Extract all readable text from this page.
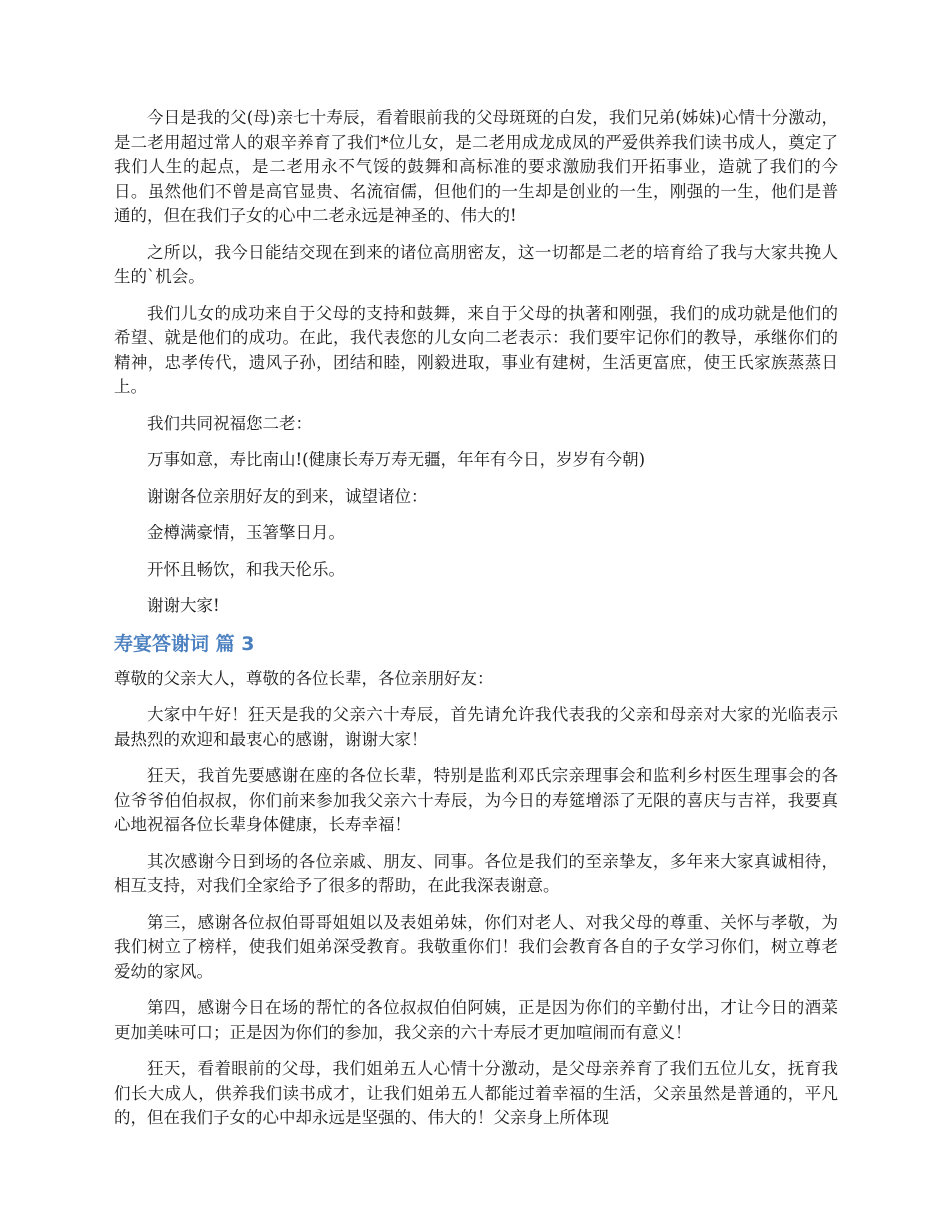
今日是我的父(母)亲七十寿辰，看着眼前我的父母斑斑的白发，我们兄弟(姊妹)心情十分激动，是二老用超过常人的艰辛养育了我们*位儿女，是二老用成龙成凤的严爱供养我们读书成人，奠定了我们人生的起点，是二老用永不气馁的鼓舞和高标准的要求激励我们开拓事业，造就了我们的今日。虽然他们不曾是高官显贵、名流宿儒，但他们的一生却是创业的一生，刚强的一生，他们是普通的，但在我们子女的心中二老永远是神圣的、伟大的!

之所以，我今日能结交现在到来的诸位高朋密友，这一切都是二老的培育给了我与大家共挽人生的`机会。

我们儿女的成功来自于父母的支持和鼓舞，来自于父母的执著和刚强，我们的成功就是他们的希望、就是他们的成功。在此，我代表您的儿女向二老表示：我们要牢记你们的教导，承继你们的精神，忠孝传代，遗风子孙，团结和睦，刚毅进取，事业有建树，生活更富庶，使王氏家族蒸蒸日上。

我们共同祝福您二老：

万事如意，寿比南山!(健康长寿万寿无疆，年年有今日，岁岁有今朝)

谢谢各位亲朋好友的到来，诚望诸位：

金樽满豪情，玉箸擎日月。

开怀且畅饮，和我天伦乐。

谢谢大家!

寿宴答谢词 篇 3

尊敬的父亲大人，尊敬的各位长辈，各位亲朋好友：

大家中午好！狂天是我的父亲六十寿辰，首先请允许我代表我的父亲和母亲对大家的光临表示最热烈的欢迎和最衷心的感谢，谢谢大家！

狂天，我首先要感谢在座的各位长辈，特别是监利邓氏宗亲理事会和监利乡村医生理事会的各位爷爷伯伯叔叔，你们前来参加我父亲六十寿辰，为今日的寿筵增添了无限的喜庆与吉祥，我要真心地祝福各位长辈身体健康，长寿幸福！

其次感谢今日到场的各位亲戚、朋友、同事。各位是我们的至亲挚友，多年来大家真诚相待，相互支持，对我们全家给予了很多的帮助，在此我深表谢意。

第三，感谢各位叔伯哥哥姐姐以及表姐弟妹，你们对老人、对我父母的尊重、关怀与孝敬，为我们树立了榜样，使我们姐弟深受教育。我敬重你们！我们会教育各自的子女学习你们，树立尊老爱幼的家风。

第四，感谢今日在场的帮忙的各位叔叔伯伯阿姨，正是因为你们的辛勤付出，才让今日的酒菜更加美味可口；正是因为你们的参加，我父亲的六十寿辰才更加喧闹而有意义！

狂天，看着眼前的父母，我们姐弟五人心情十分激动，是父母亲养育了我们五位儿女，抚育我们长大成人，供养我们读书成才，让我们姐弟五人都能过着幸福的生活，父亲虽然是普通的，平凡的，但在我们子女的心中却永远是坚强的、伟大的！父亲身上所体现
